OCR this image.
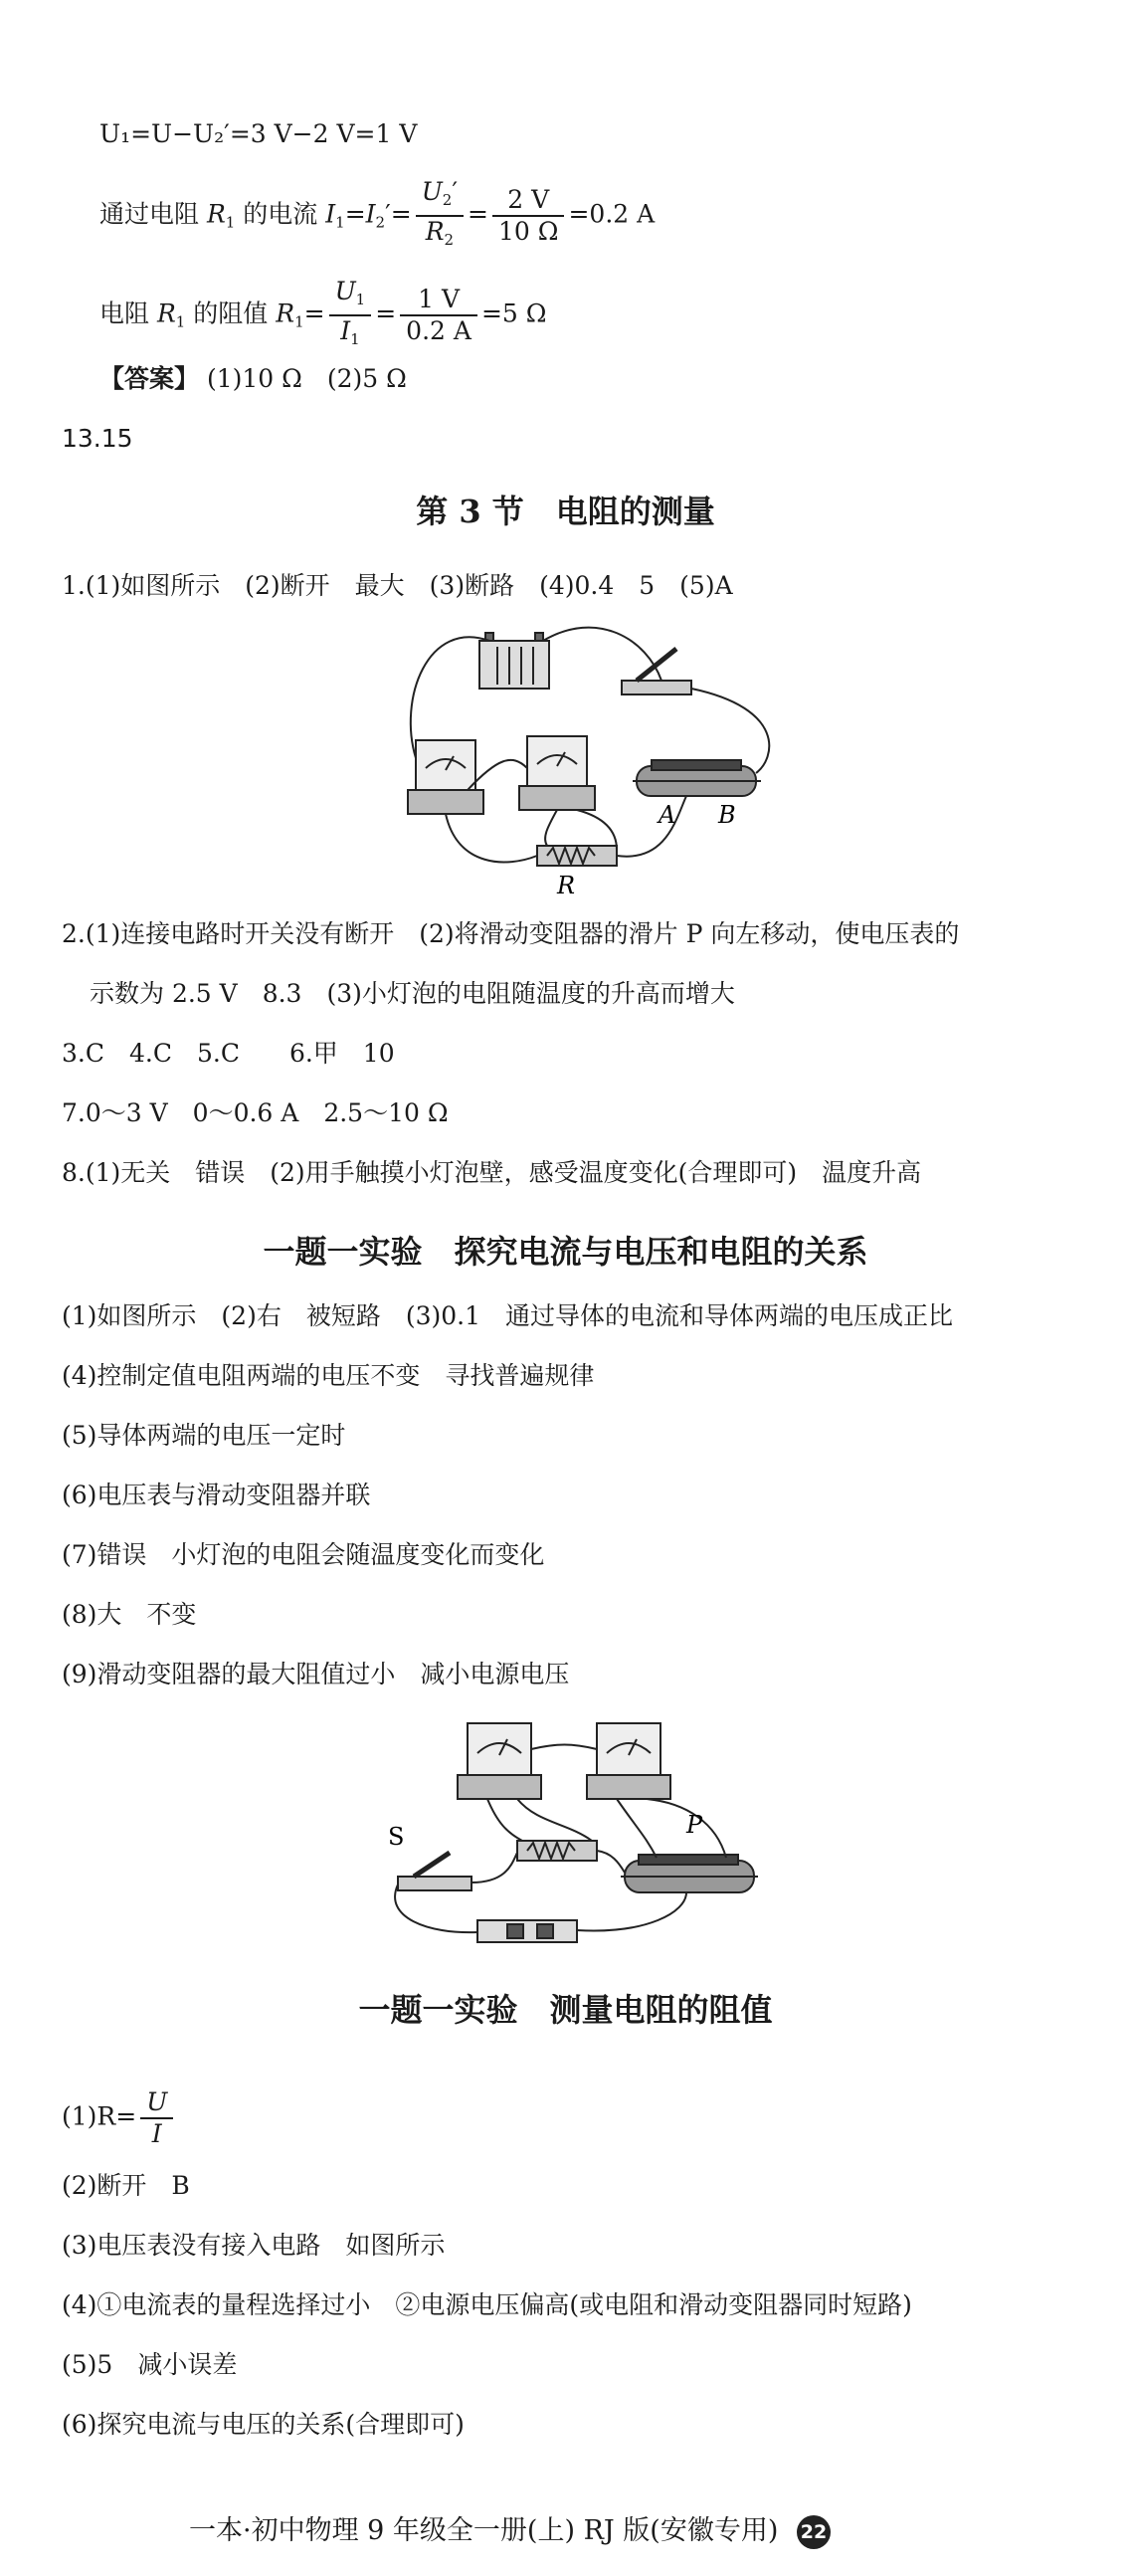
U₁=U−U₂′=3 V−2 V=1 V
通过电阻 $R_1$ 的电流 $I_1=I_2'= \frac{U_2'}{R_2} = \frac{2 V}{10 \Omega} =0.2$ A
电阻 $R_1$ 的阻值 $R_1= \frac{U_1}{I_1} = \frac{1 V}{0.2 A} =5$ Ω
【答案】 (1)10 Ω　(2)5 Ω
13.15
第 3 节　电阻的测量
1.(1)如图所示　(2)断开　最大　(3)断路　(4)0.4　5　(5)A
A B
R
2.(1)连接电路时开关没有断开　(2)将滑动变阻器的滑片 P 向左移动，使电压表的
示数为 2.5 V　8.3　(3)小灯泡的电阻随温度的升高而增大
3.C　4.C　5.C　　6.甲　10
7.0～3 V　0～0.6 A　2.5～10 Ω
8.(1)无关　错误　(2)用手触摸小灯泡壁，感受温度变化(合理即可)　温度升高
一题一实验　探究电流与电压和电阻的关系
(1)如图所示　(2)右　被短路　(3)0.1　通过导体的电流和导体两端的电压成正比
(4)控制定值电阻两端的电压不变　寻找普遍规律
(5)导体两端的电压一定时
(6)电压表与滑动变阻器并联
(7)错误　小灯泡的电阻会随温度变化而变化
(8)大　不变
(9)滑动变阻器的最大阻值过小　减小电源电压
S	P
一题一实验　测量电阻的阻值
$(1)R= \frac{U}{I}$
(2)断开　B
(3)电压表没有接入电路　如图所示
(4)①电流表的量程选择过小　②电源电压偏高(或电阻和滑动变阻器同时短路)
(5)5　减小误差
(6)探究电流与电压的关系(合理即可)
一本·初中物理 9 年级全一册(上) RJ 版(安徽专用) 22
